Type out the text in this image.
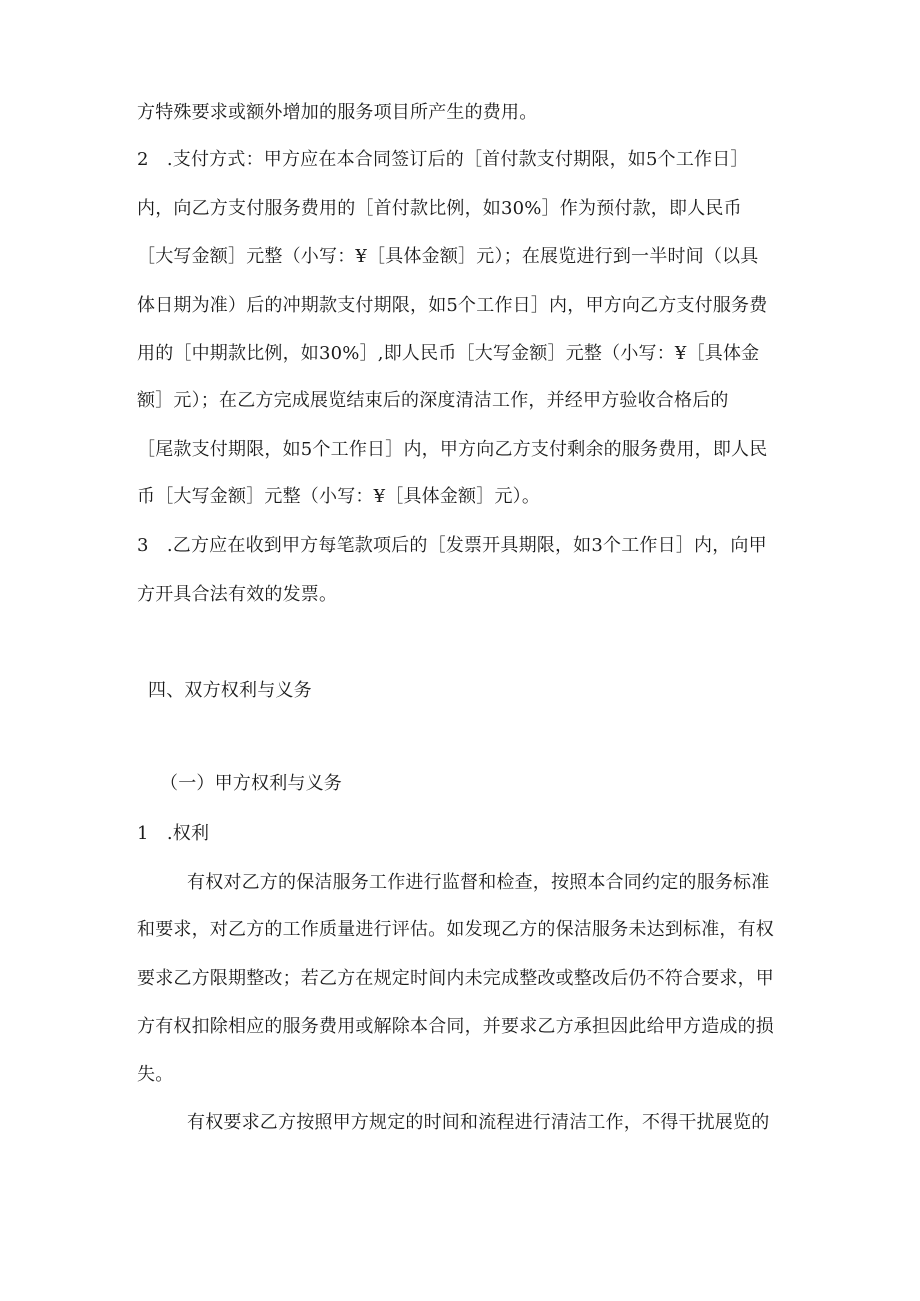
方特殊要求或额外增加的服务项目所产生的费用。
2　.支付方式：甲方应在本合同签订后的［首付款支付期限，如5个工作日］
内，向乙方支付服务费用的［首付款比例，如30%］作为预付款，即人民币
［大写金额］元整（小写：¥［具体金额］元）；在展览进行到一半时间（以具
体日期为准）后的冲期款支付期限，如5个工作日］内，甲方向乙方支付服务费
用的［中期款比例，如30%］,即人民币［大写金额］元整（小写：¥［具体金
额］元）；在乙方完成展览结束后的深度清洁工作，并经甲方验收合格后的
［尾款支付期限，如5个工作日］内，甲方向乙方支付剩余的服务费用，即人民
币［大写金额］元整（小写：¥［具体金额］元）。
3　.乙方应在收到甲方每笔款项后的［发票开具期限，如3个工作日］内，向甲
方开具合法有效的发票。
四、双方权利与义务
（一）甲方权利与义务
1　.权利
有权对乙方的保洁服务工作进行监督和检查，按照本合同约定的服务标准
和要求，对乙方的工作质量进行评估。如发现乙方的保洁服务未达到标准，有权
要求乙方限期整改；若乙方在规定时间内未完成整改或整改后仍不符合要求，甲
方有权扣除相应的服务费用或解除本合同，并要求乙方承担因此给甲方造成的损
失。
有权要求乙方按照甲方规定的时间和流程进行清洁工作，不得干扰展览的
